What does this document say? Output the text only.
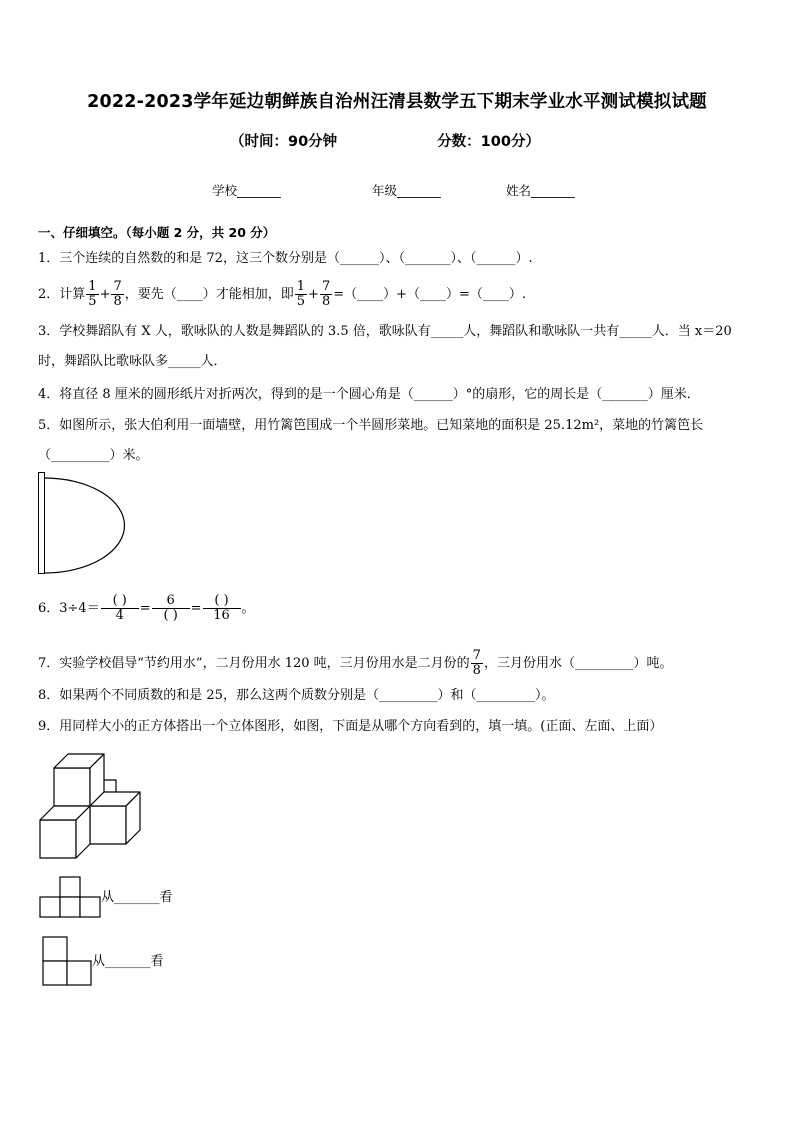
2022-2023学年延边朝鲜族自治州汪清县数学五下期末学业水平测试模拟试题
（时间：90分钟	分数：100分）
学校_______	年级_______	姓名_______
一、仔细填空。（每小题 2 分，共 20 分）
1．三个连续的自然数的和是 72，这三个数分别是（______）、（_______）、（______）.
2．计算 $\frac{1}{5} + \frac{7}{8}$ ，要先（____）才能相加，即 $\frac{1}{5} + \frac{7}{8}$ =（____）+（____）=（____）.
3．学校舞蹈队有 X 人，歌咏队的人数是舞蹈队的 3.5 倍，歌咏队有_____人，舞蹈队和歌咏队一共有_____人．当 x＝20
时，舞蹈队比歌咏队多_____人．
4．将直径 8 厘米的圆形纸片对折两次，得到的是一个圆心角是（______）°的扇形，它的周长是（_______）厘米．
5．如图所示，张大伯利用一面墙壁，用竹篱笆围成一个半圆形菜地。已知菜地的面积是 25.12m²，菜地的竹篱笆长
（_________）米。
6．$3\div 4= \frac{( )}{4} = \frac{6}{( )} = \frac{( )}{16}$ 。
7．实验学校倡导“节约用水”，二月份用水 120 吨，三月份用水是二月份的 $\frac{7}{8}$ ，三月份用水（_________）吨。
8．如果两个不同质数的和是 25，那么这两个质数分别是（_________）和（_________）。
9．用同样大小的正方体搭出一个立体图形，如图，下面是从哪个方向看到的，填一填。(正面、左面、上面）
从_______看
从_______看
